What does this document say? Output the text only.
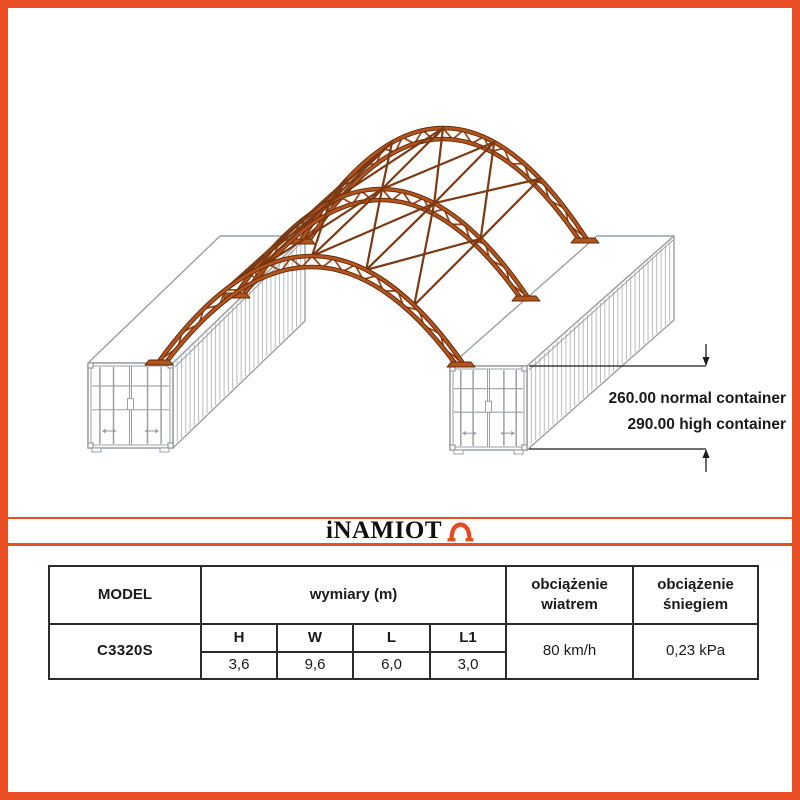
260.00 normal container
290.00 high container
iNAMIOT
MODEL	wymiary (m)				obciążenie wiatrem	obciążenie śniegiem
C3320S	H	W	L	L1	80 km/h	0,23 kPa
	3,6	9,6	6,0	3,0		
